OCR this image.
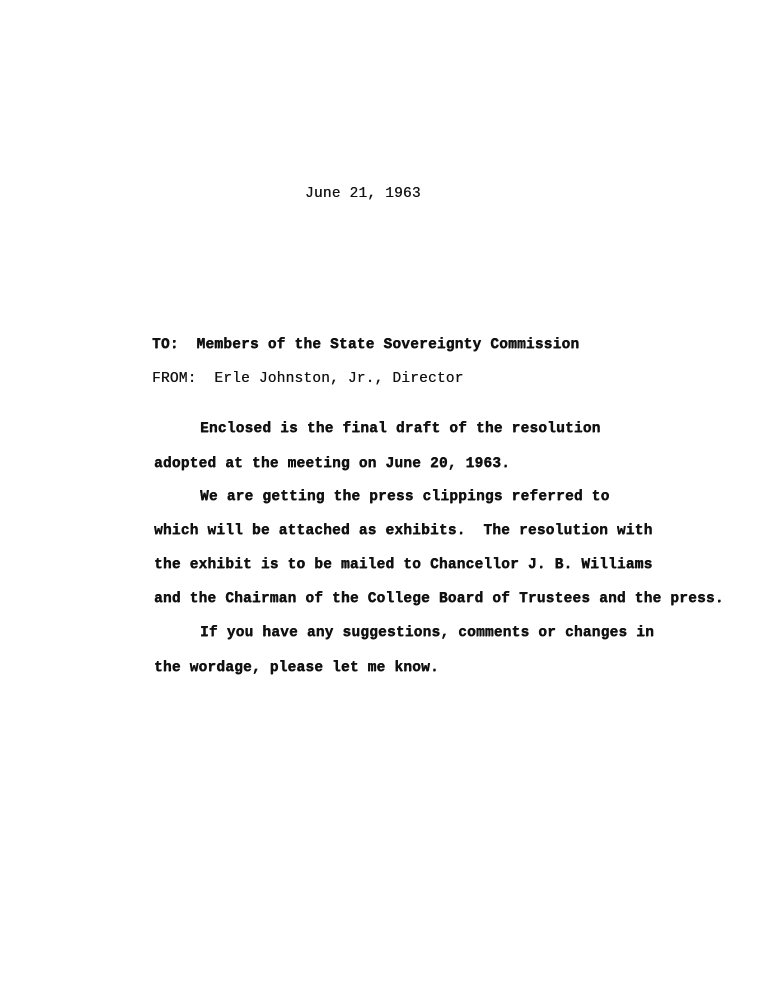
June 21, 1963
TO:  Members of the State Sovereignty Commission
FROM:  Erle Johnston, Jr., Director
Enclosed is the final draft of the resolution
adopted at the meeting on June 20, 1963.
We are getting the press clippings referred to
which will be attached as exhibits.  The resolution with
the exhibit is to be mailed to Chancellor J. B. Williams
and the Chairman of the College Board of Trustees and the press.
If you have any suggestions, comments or changes in
the wordage, please let me know.
